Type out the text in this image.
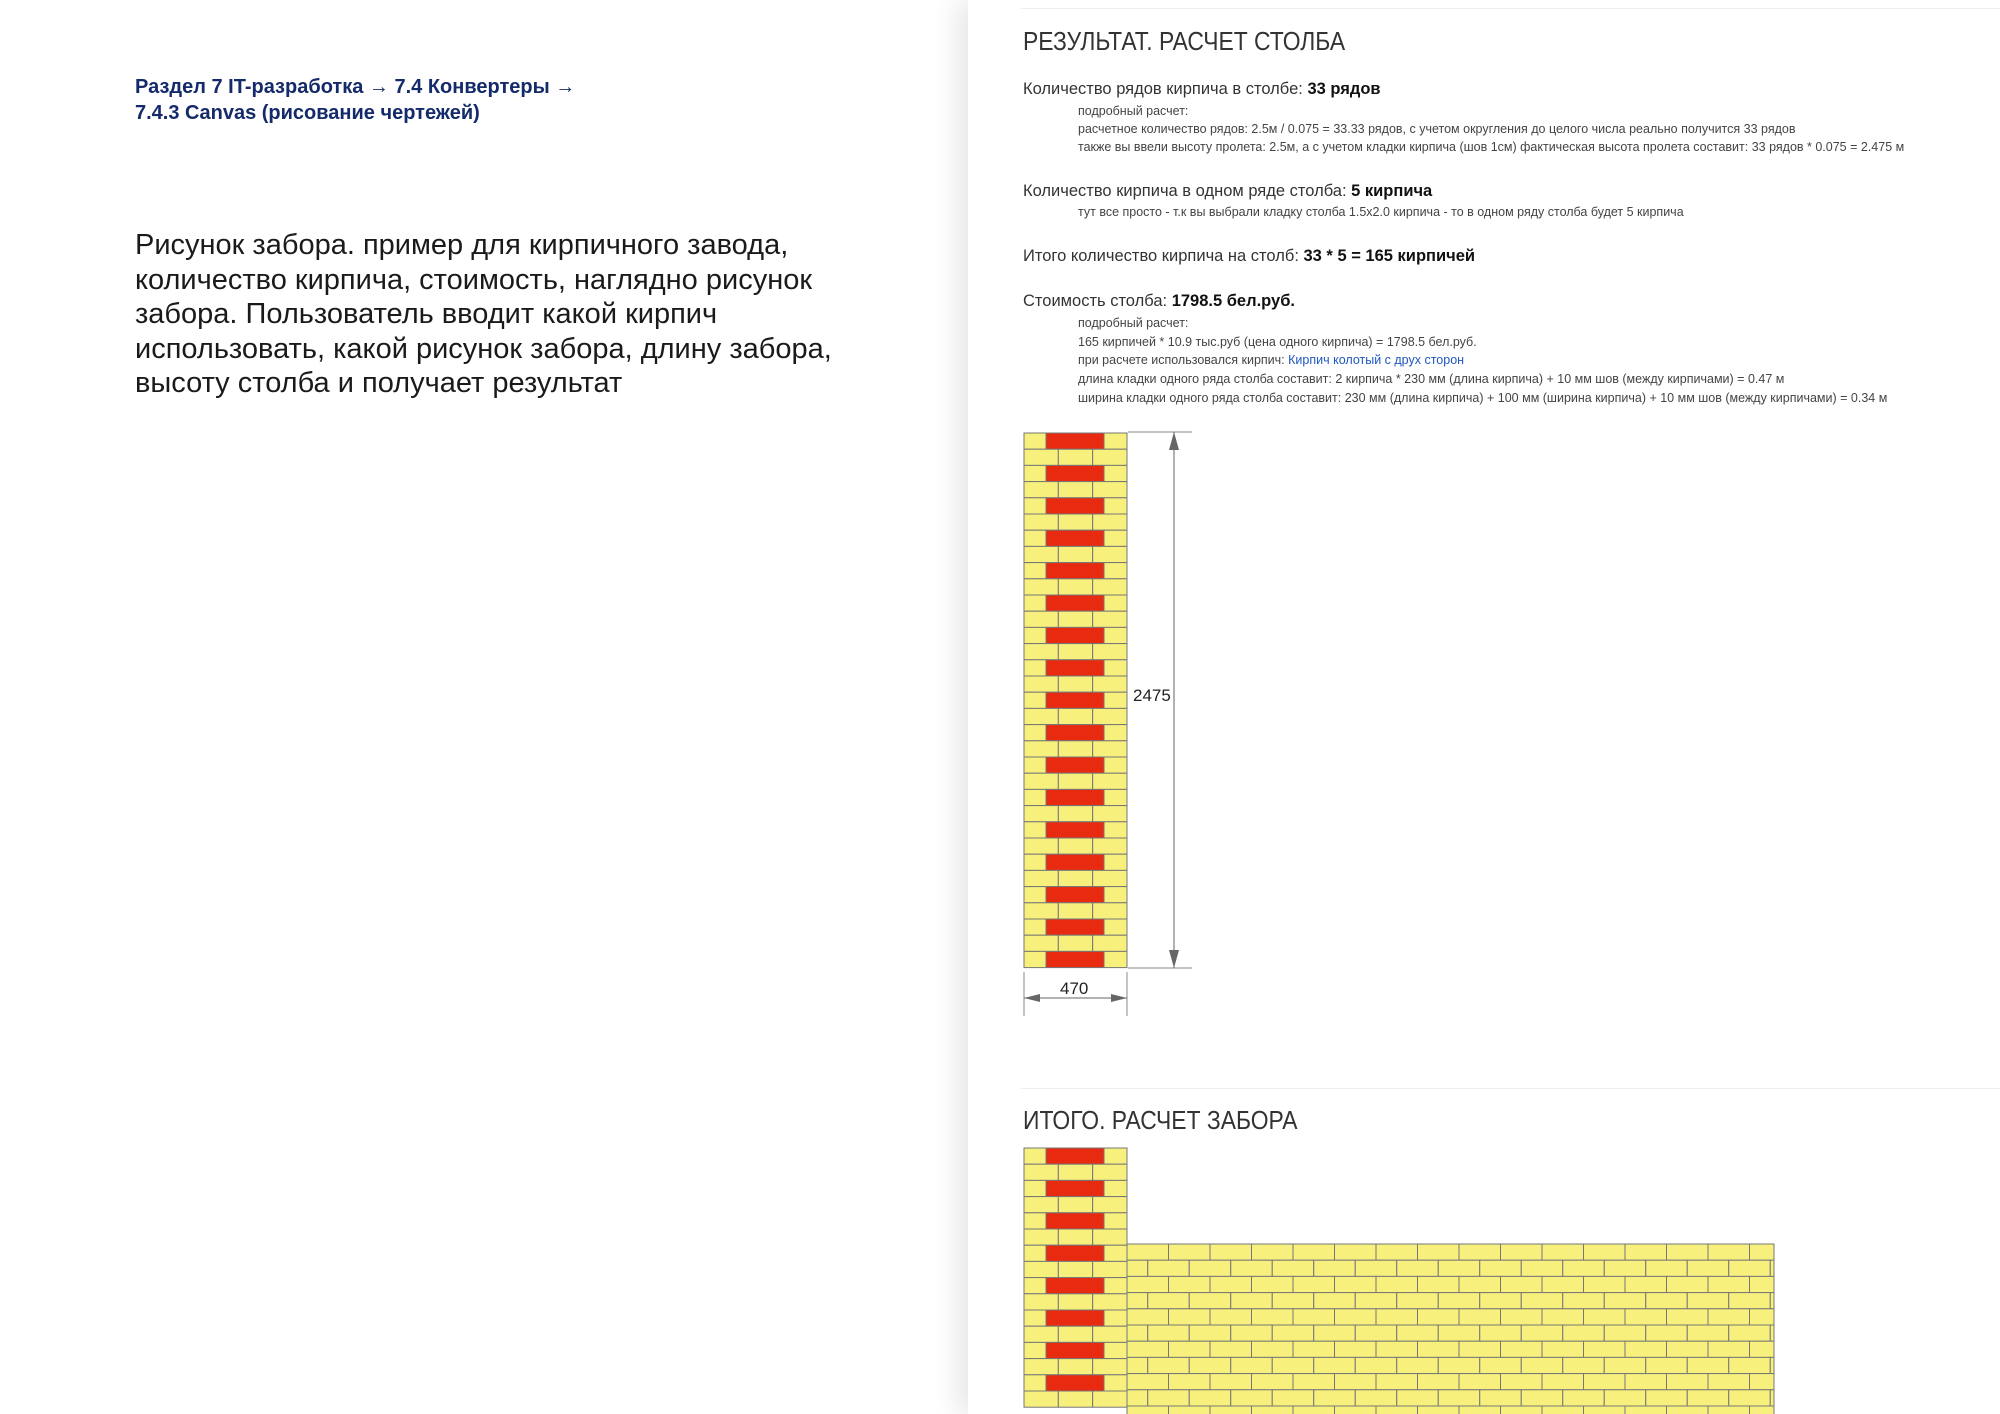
Раздел 7 IT-разработка → 7.4 Конвертеры →
7.4.3 Canvas (рисование чертежей)
Рисунок забора. пример для кирпичного завода, количество кирпича, стоимость, наглядно рисунок забора. Пользователь вводит какой кирпич использовать, какой рисунок забора, длину забора, высоту столба и получает результат
РЕЗУЛЬТАТ. РАСЧЕТ СТОЛБА
Количество рядов кирпича в столбе: 33 рядов
подробный расчет:
расчетное количество рядов: 2.5м / 0.075 = 33.33 рядов, с учетом округления до целого числа реально получится 33 рядов
также вы ввели высоту пролета: 2.5м, а с учетом кладки кирпича (шов 1см) фактическая высота пролета составит: 33 рядов * 0.075 = 2.475 м
Количество кирпича в одном ряде столба: 5 кирпича
тут все просто - т.к вы выбрали кладку столба 1.5х2.0 кирпича - то в одном ряду столба будет 5 кирпича
Итого количество кирпича на столб: 33 * 5 = 165 кирпичей
Стоимость столба: 1798.5 бел.руб.
подробный расчет:
165 кирпичей * 10.9 тыс.руб (цена одного кирпича) = 1798.5 бел.руб.
при расчете использовался кирпич: Кирпич колотый с друх сторон
длина кладки одного ряда столба составит: 2 кирпича * 230 мм (длина кирпича) + 10 мм шов (между кирпичами) = 0.47 м
ширина кладки одного ряда столба составит: 230 мм (длина кирпича) + 100 мм (ширина кирпича) + 10 мм шов (между кирпичами) = 0.34 м
2475
470
ИТОГО. РАСЧЕТ ЗАБОРА
